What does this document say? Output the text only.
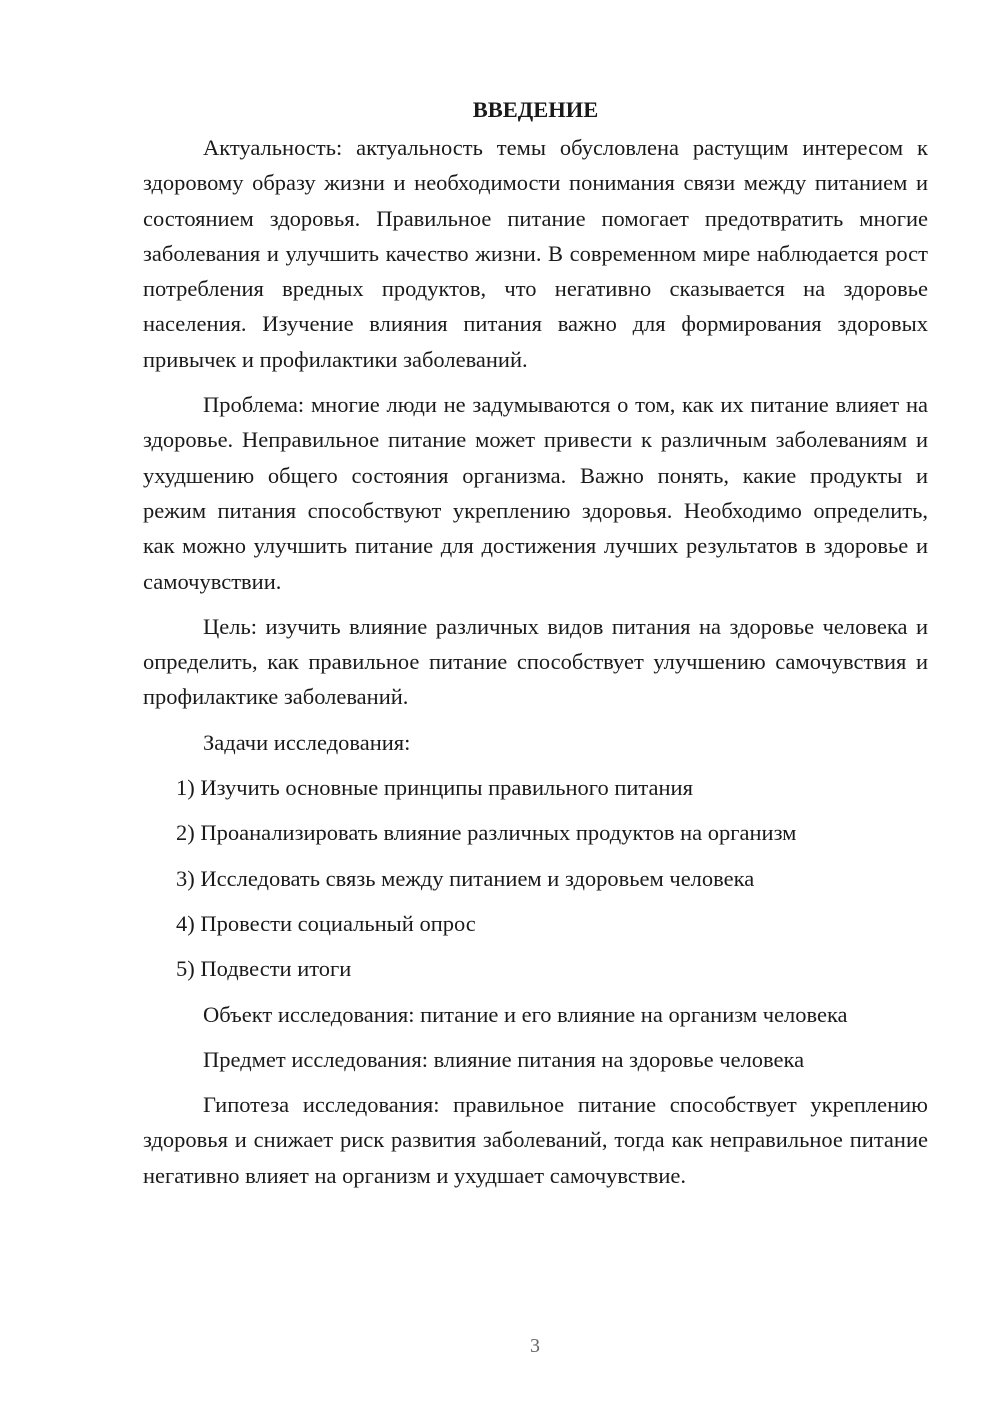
ВВЕДЕНИЕ

Актуальность: актуальность темы обусловлена растущим интересом к здоровому образу жизни и необходимости понимания связи между питанием и состоянием здоровья. Правильное питание помогает предотвратить многие заболевания и улучшить качество жизни. В современном мире наблюдается рост потребления вредных продуктов, что негативно сказывается на здоровье населения. Изучение влияния питания важно для формирования здоровых привычек и профилактики заболеваний.

Проблема: многие люди не задумываются о том, как их питание влияет на здоровье. Неправильное питание может привести к различным заболеваниям и ухудшению общего состояния организма. Важно понять, какие продукты и режим питания способствуют укреплению здоровья. Необходимо определить, как можно улучшить питание для достижения лучших результатов в здоровье и самочувствии.

Цель: изучить влияние различных видов питания на здоровье человека и определить, как правильное питание способствует улучшению самочувствия и профилактике заболеваний.

Задачи исследования:

1) Изучить основные принципы правильного питания
2) Проанализировать влияние различных продуктов на организм
3) Исследовать связь между питанием и здоровьем человека
4) Провести социальный опрос
5) Подвести итоги

Объект исследования: питание и его влияние на организм человека

Предмет исследования: влияние питания на здоровье человека

Гипотеза исследования: правильное питание способствует укреплению здоровья и снижает риск развития заболеваний, тогда как неправильное питание негативно влияет на организм и ухудшает самочувствие.

3
